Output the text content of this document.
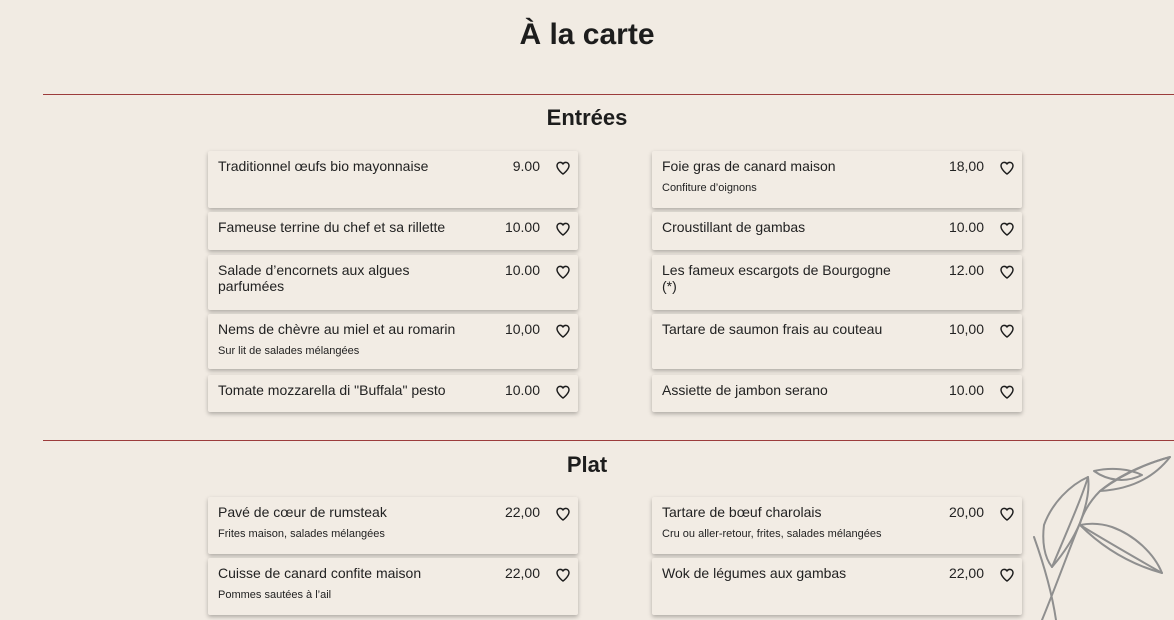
À la carte
Entrées
Plat
Traditionnel œufs bio mayonnaise	9.00
Fameuse terrine du chef et sa rillette	10.00
Salade d’encornets aux algues parfumées
10.00
Nems de chèvre au miel et au romarin	10,00
Sur lit de salades mélangées
Tomate mozzarella di "Buffala" pesto	10.00
Foie gras de canard maison	18,00
Confiture d’oignons
Croustillant de gambas	10.00
Les fameux escargots de Bourgogne (*)
12.00
Tartare de saumon frais au couteau	10,00
Assiette de jambon serano	10.00
Pavé de cœur de rumsteak	22,00
Frites maison, salades mélangées
Cuisse de canard confite maison	22,00
Pommes sautées à l’ail
Tartare de bœuf charolais	20,00
Cru ou aller-retour, frites, salades mélangées
Wok de légumes aux gambas	22,00
